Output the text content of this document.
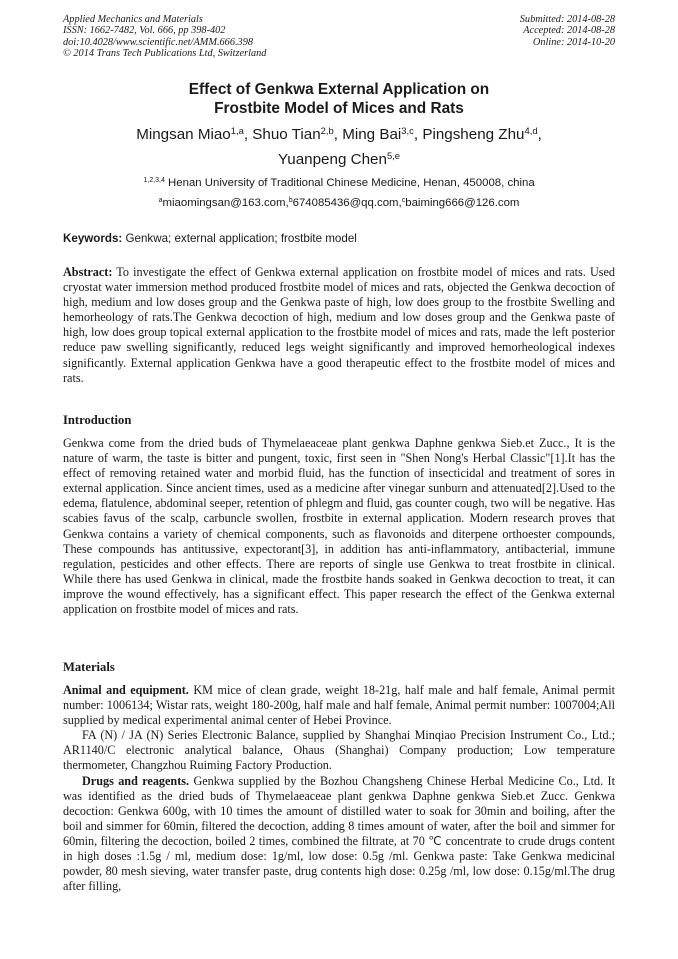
Applied Mechanics and Materials
ISSN: 1662-7482, Vol. 666, pp 398-402
doi:10.4028/www.scientific.net/AMM.666.398
© 2014 Trans Tech Publications Ltd, Switzerland
Submitted: 2014-08-28
Accepted: 2014-08-28
Online: 2014-10-20
Effect of Genkwa External Application on
Frostbite Model of Mices and Rats
Mingsan Miao$^{1,a}$, Shuo Tian$^{2,b}$, Ming Bai$^{3,c}$, Pingsheng Zhu$^{4,d}$,
Yuanpeng Chen$^{5,e}$
$^{1,2,3,4}$ Henan University of Traditional Chinese Medicine, Henan, 450008, china
$^a$miaomingsan@163.com,$^b$674085436@qq.com,$^c$baiming666@126.com
Keywords: Genkwa; external application; frostbite model

Abstract: To investigate the effect of Genkwa external application on frostbite model of mices and rats. Used cryostat water immersion method produced frostbite model of mices and rats, objected the Genkwa decoction of high, medium and low doses group and the Genkwa paste of high, low does group to the frostbite Swelling and hemorheology of rats.The Genkwa decoction of high, medium and low doses group and the Genkwa paste of high, low does group topical external application to the frostbite model of mices and rats, made the left posterior reduce paw swelling significantly, reduced legs weight significantly and improved hemorheological indexes significantly. External application Genkwa have a good therapeutic effect to the frostbite model of mices and rats.

Introduction

Genkwa come from the dried buds of Thymelaeaceae plant genkwa Daphne genkwa Sieb.et Zucc., It is the nature of warm, the taste is bitter and pungent, toxic, first seen in "Shen Nong's Herbal Classic"[1].It has the effect of removing retained water and morbid fluid, has the function of insecticidal and treatment of sores in external application. Since ancient times, used as a medicine after vinegar sunburn and attenuated[2].Used to the edema, flatulence, abdominal seeper, retention of phlegm and fluid, gas counter cough, two will be negative. Has scabies favus of the scalp, carbuncle swollen, frostbite in external application. Modern research proves that Genkwa contains a variety of chemical components, such as flavonoids and diterpene orthoester compounds, These compounds has antitussive, expectorant[3], in addition has anti-inflammatory, antibacterial, immune regulation, pesticides and other effects. There are reports of single use Genkwa to treat frostbite in clinical. While there has used Genkwa in clinical, made the frostbite hands soaked in Genkwa decoction to treat, it can improve the wound effectively, has a significant effect. This paper research the effect of the Genkwa external application on frostbite model of mices and rats.

Materials

Animal and equipment. KM mice of clean grade, weight 18-21g, half male and half female, Animal permit number: 1006134; Wistar rats, weight 180-200g, half male and half female, Animal permit number: 1007004;All supplied by medical experimental animal center of Hebei Province.

FA (N) / JA (N) Series Electronic Balance, supplied by Shanghai Minqiao Precision Instrument Co., Ltd.; AR1140/C electronic analytical balance, Ohaus (Shanghai) Company production; Low temperature thermometer, Changzhou Ruiming Factory Production.

Drugs and reagents. Genkwa supplied by the Bozhou Changsheng Chinese Herbal Medicine Co., Ltd. It was identified as the dried buds of Thymelaeaceae plant genkwa Daphne genkwa Sieb.et Zucc. Genkwa decoction: Genkwa 600g, with 10 times the amount of distilled water to soak for 30min and boiling, after the boil and simmer for 60min, filtered the decoction, adding 8 times amount of water, after the boil and simmer for 60min, filtering the decoction, boiled 2 times, combined the filtrate, at 70 ℃ concentrate to crude drugs content in high doses :1.5g / ml, medium dose: 1g/ml, low dose: 0.5g /ml. Genkwa paste: Take Genkwa medicinal powder, 80 mesh sieving, water transfer paste, drug contents high dose: 0.25g /ml, low dose: 0.15g/ml.The drug after filling,
